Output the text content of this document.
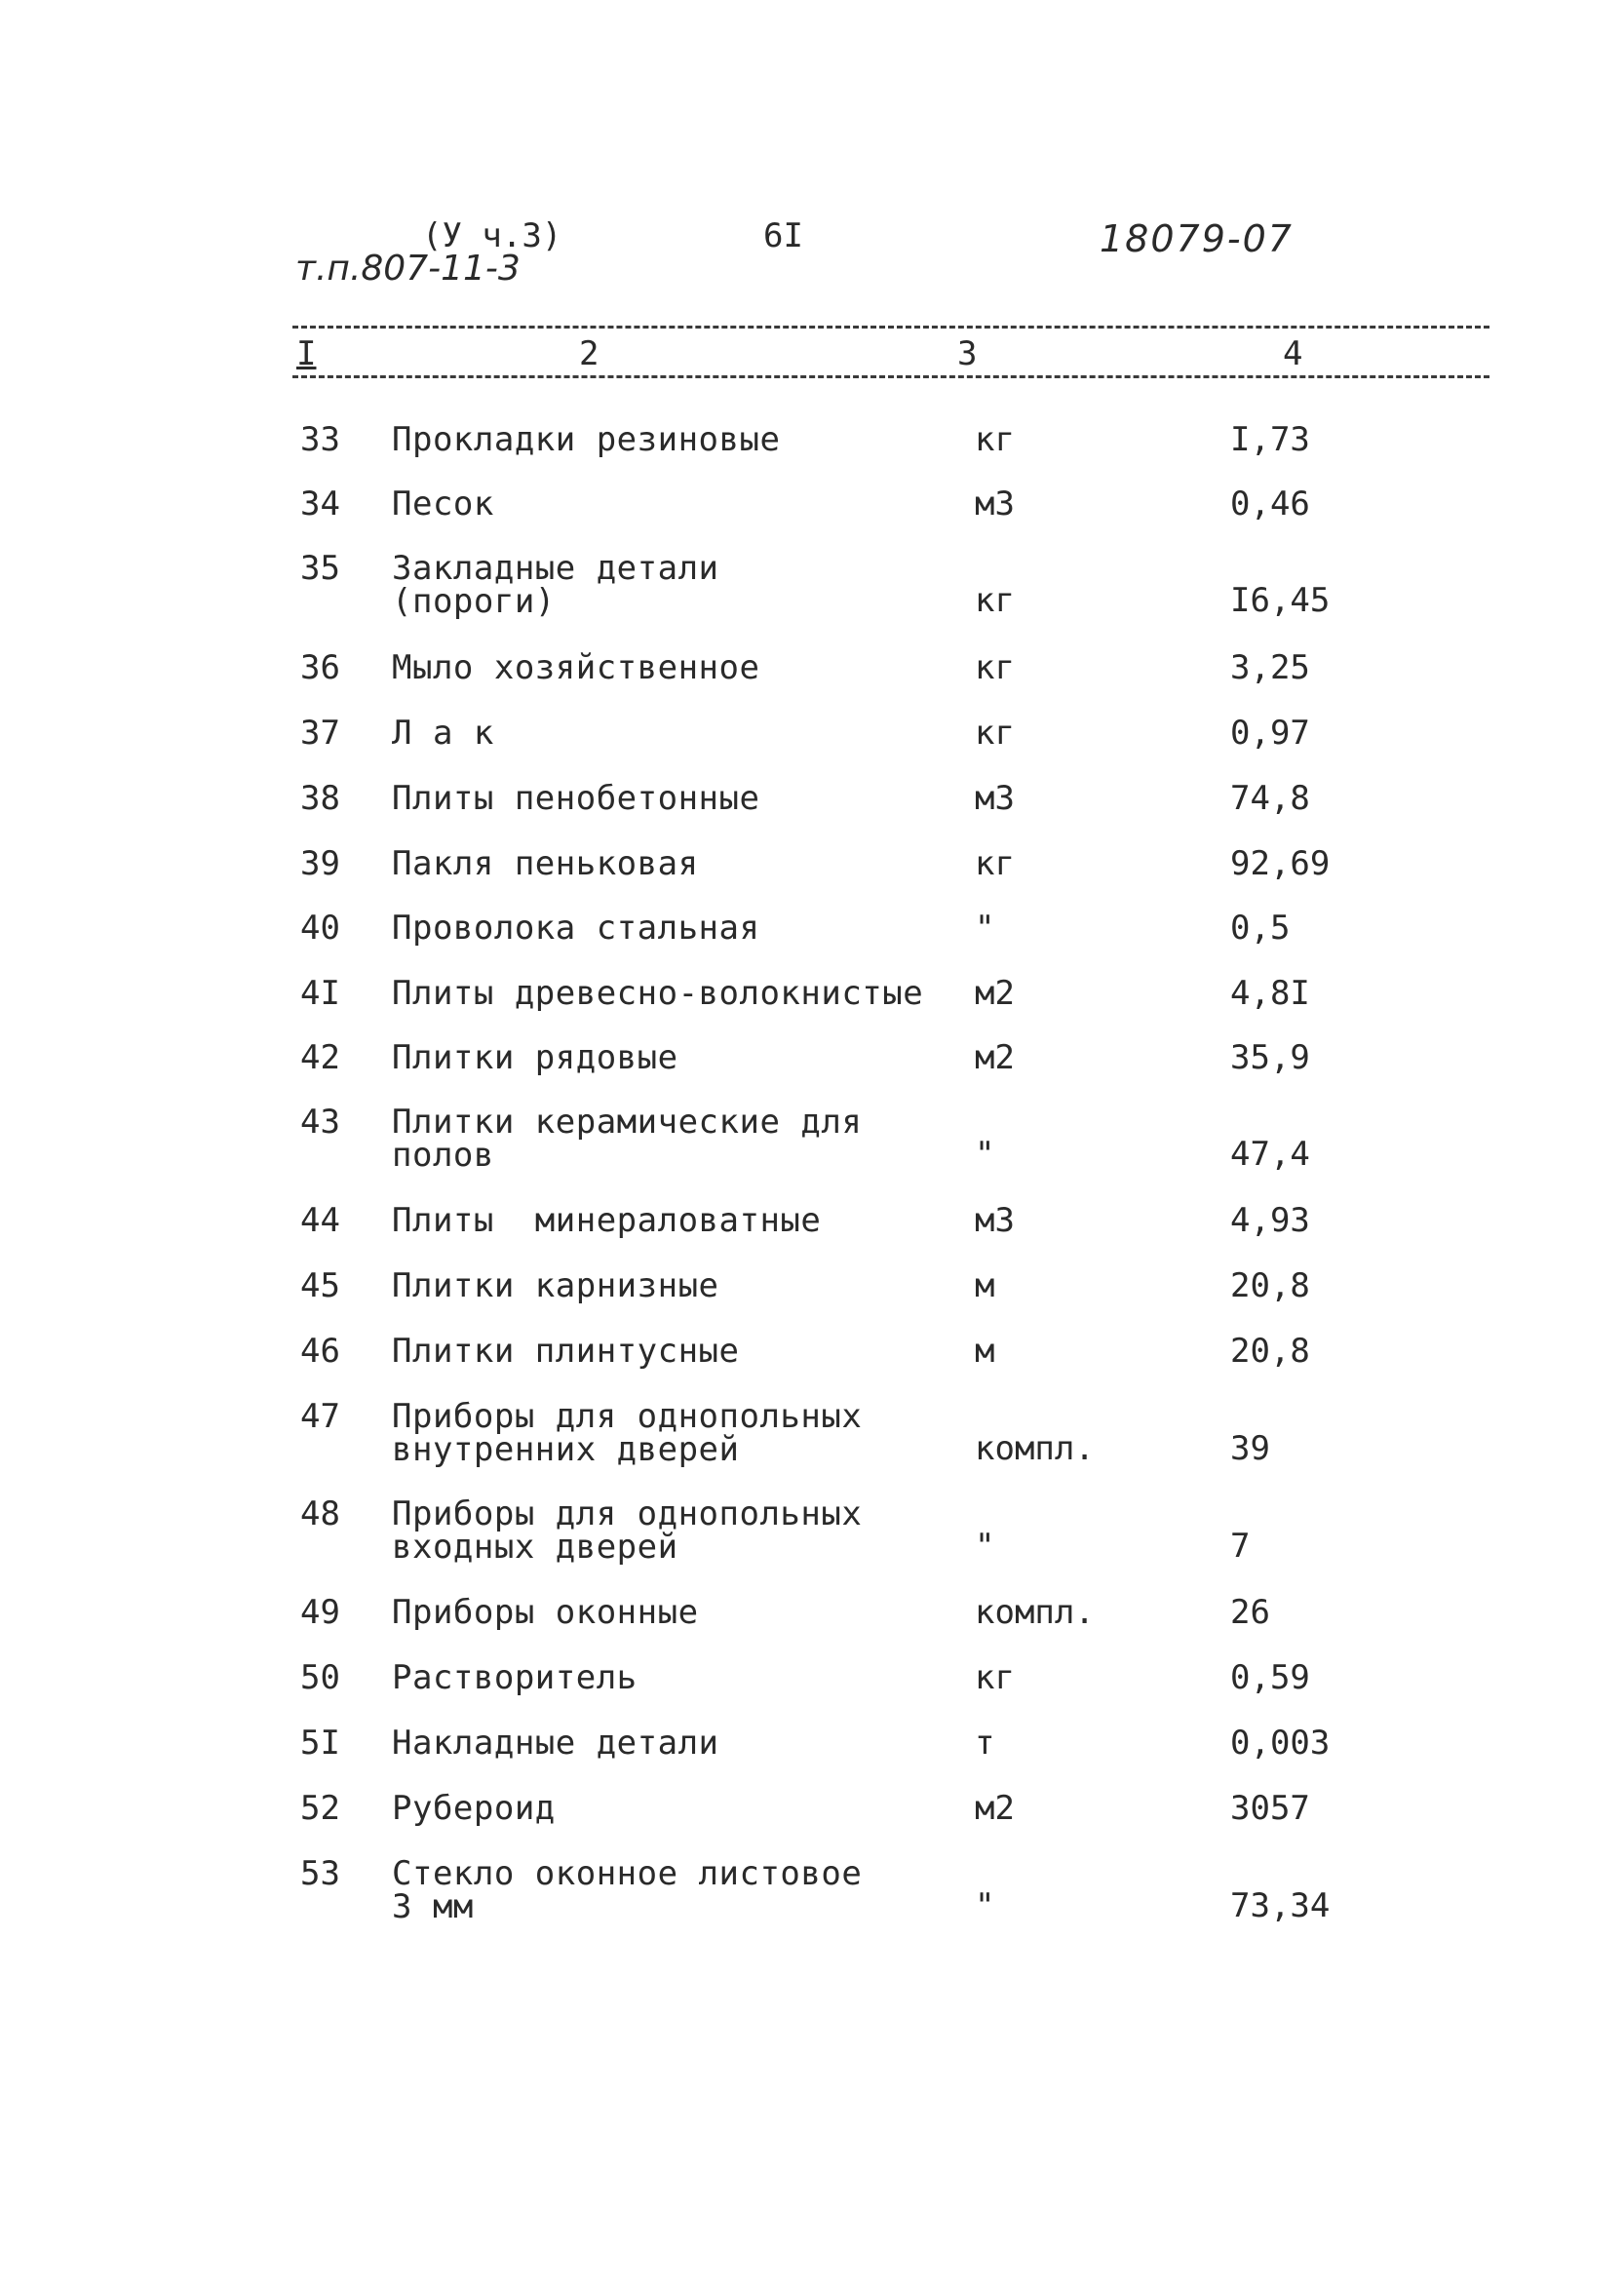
(У ч.3)	6I
т.п.807-11-3
18079-07
I	2	3	4
33 Прокладки резиновые	кг	I,73
34 Песок	м3	0,46
35 Закладные детали
(пороги)	кг	I6,45
36 Мыло хозяйственное	кг	3,25
37 Л а к	кг	0,97
38 Плиты пенобетонные	м3	74,8
39 Пакля пеньковая	кг	92,69
40 Проволока стальная	"	0,5
4I Плиты древесно-волокнистые м2	4,8I
42 Плитки рядовые	м2	35,9
43 Плитки керамические для
полов	"	47,4
44 Плиты  минераловатные	м3	4,93
45 Плитки карнизные	м	20,8
46 Плитки плинтусные	м	20,8
47 Приборы для однопольных
внутренних дверей	компл.	39
48 Приборы для однопольных
входных дверей	"	7
49 Приборы оконные	компл.	26
50 Растворитель	кг	0,59
5I Накладные детали	т	0,003
52 Рубероид	м2	3057
53 Стекло оконное листовое
3 мм	"	73,34
